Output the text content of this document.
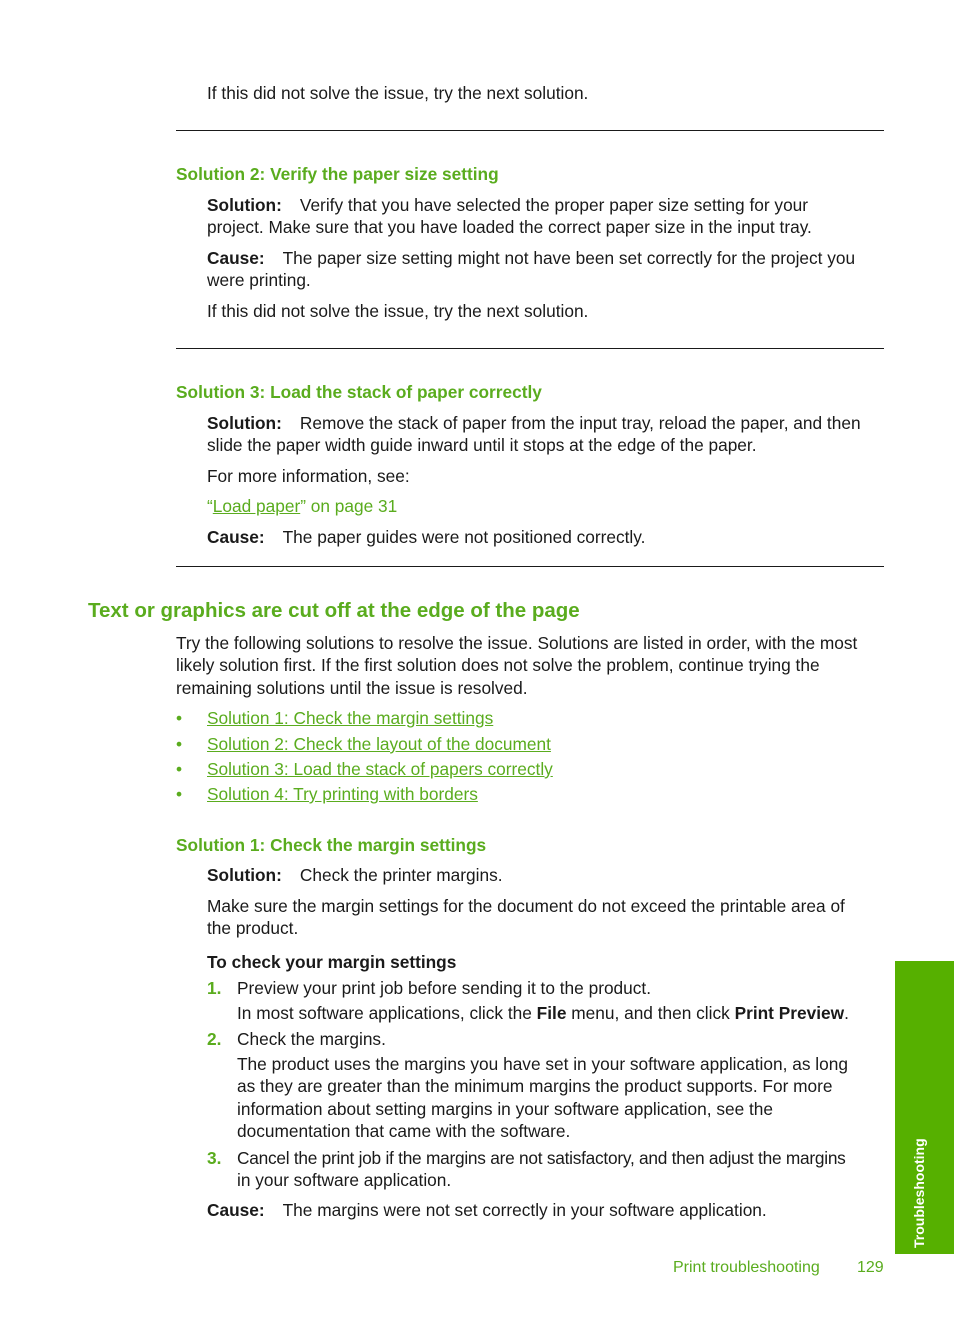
If this did not solve the issue, try the next solution.
Solution 2: Verify the paper size setting
Solution: Verify that you have selected the proper paper size setting for your
project. Make sure that you have loaded the correct paper size in the input tray.
Cause: The paper size setting might not have been set correctly for the project you
were printing.
If this did not solve the issue, try the next solution.
Solution 3: Load the stack of paper correctly
Solution: Remove the stack of paper from the input tray, reload the paper, and then
slide the paper width guide inward until it stops at the edge of the paper.
For more information, see:
“Load paper” on page 31
Cause: The paper guides were not positioned correctly.
Text or graphics are cut off at the edge of the page
Try the following solutions to resolve the issue. Solutions are listed in order, with the most
likely solution first. If the first solution does not solve the problem, continue trying the
remaining solutions until the issue is resolved.
• Solution 1: Check the margin settings
• Solution 2: Check the layout of the document
• Solution 3: Load the stack of papers correctly
• Solution 4: Try printing with borders
Solution 1: Check the margin settings
Solution: Check the printer margins.
Make sure the margin settings for the document do not exceed the printable area of
the product.
To check your margin settings
1. Preview your print job before sending it to the product.
In most software applications, click the File menu, and then click Print Preview.
2. Check the margins.
The product uses the margins you have set in your software application, as long
as they are greater than the minimum margins the product supports. For more
information about setting margins in your software application, see the
documentation that came with the software.
3. Cancel the print job if the margins are not satisfactory, and then adjust the margins
in your software application.
Cause: The margins were not set correctly in your software application.	Troubleshooting
Print troubleshooting 129
